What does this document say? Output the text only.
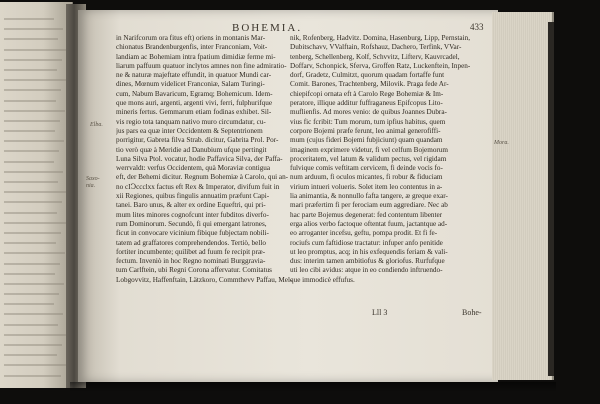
BOHEMIA.	433
Elba.
Saxo-
nia.
Mora.
in Narifcorum ora fitus eft) oriens in montanis Mar-
chionatus Brandenburgenfis, inter Franconiam, Voit-
landiam ac Bohemiam intra fpatium dimidiæ ferme mi-
liarum paffuum quatuor inclytos amnes non fine admiratio-
ne & naturæ majeftate effundit, in quatuor Mundi car-
dines, Mœnum videlicet Franconiæ, Salam Turingi-
cum, Nabum Bavaricum, Egramq; Bohemicum. Idem-
que mons auri, argenti, argenti vivi, ferri, fulphurifque
mineris fertus. Gemmarum etiam fodinas exhibet. Sil-
vis regio tota tanquam nativo muro circumdatur, cu-
jus pars ea quæ inter Occidentem & Septentrionem
porrigitur, Gabreta filva Strab. dicitur, Gabrita Prol. Por-
tio verò quæ à Meridie ad Danubium ufque pertingit
Luna Silva Ptol. vocatur, hodie Paffavica Silva, der Paffa-
werrvaldt: verfus Occidentem, quà Moraviæ contigua
eft, der Behemi dicitur. Regnum Bohemiæ à Carolo, qui an-
no cIↃccclxx factus eft Rex & Imperator, divifum fuit in
xii Regiones, quibus fingulis annuatim præfunt Capi-
tanei. Baro unus, & alter ex ordine Equeftri, qui pri-
mum lites minores cognofcunt inter fubditos diverfo-
rum Dominorum. Secundò, fi qui emergant latrones,
ficut in convocare vicinium fibique fubjectam nobili-
tatem ad graffatores comprehendendos. Tertiò, bello
fortiter incumbente; quilibet ad fuum fe recipit præ-
fectum. Inveniò in hoc Regno nominati Burggravia-
tum Carlftein, ubi Regni Corona affervatur. Comitatus
Lobgovvitz, Haffenftain, Lätzkoro, Commthevv Paffau, Mel-
nik, Rofenberg, Hadvitz. Domina, Hasenburg, Lipp, Pernstain,
Dubitschavv, VValftain, Rofshauz, Dachero, Terfink, VVar-
tenberg, Schellenberg, Kolf, Schvvitz, Lifterv, Kauvrcadel,
Doffarv, Schonpick, Sferva, Groffen Ratz, Luckenftein, Inpen-
dorf, Gradetz, Culmitzt, quorum quadam fortaffe funt
Comit. Barones, Trachtenberg, Milovik. Praga fede Ar-
chiepifcopi ornata eft à Carolo Rege Bohemiæ & Im-
peratore, illique additur fuffraganeus Epifcopus Lito-
muflienfis. Ad mores venio: de quibus Joannes Dubra-
vius fic fcribit: Tum morum, tum ipfius habitus, quem
corpore Bojemi præfe ferunt, leo animal generofiffi-
mum (cujus fideri Bojemi fubjiciunt) quam quandam
imaginem exprimere videtur, fi vel celfum Bojemorum
proceritatem, vel latum & validum pectus, vel rigidam
fulvique comis veftitam cervicem, fi deinde vocis fo-
num arduum, fi oculos micantes, fi robur & fiduciam
virium intueri volueris. Solet item leo contentus in a-
lia animantia, & nonnullo fafta tangere, æ greque exar-
mari præfertim fi per ferociam eum aggrediare. Nec ab
hac parte Bojemus degenerat: fed contentum libenter
erga alios verbo factoque oftentat fuum, jactantque ad-
eo arroganter incefsu, geftu, pompa prodit. Et fi fe-
rociufs cum faftidiose tractatur: infuper anfo penitide
ut leo promptus, acq; in his exfequendis feriam & vali-
dus: interim tamen ambitiofus & gloriofus. Rurfufque
uti leo cibi avidus: atque in eo condiendo inftruendo-
que immodicè effufus.
Lll 3	Bohe-
